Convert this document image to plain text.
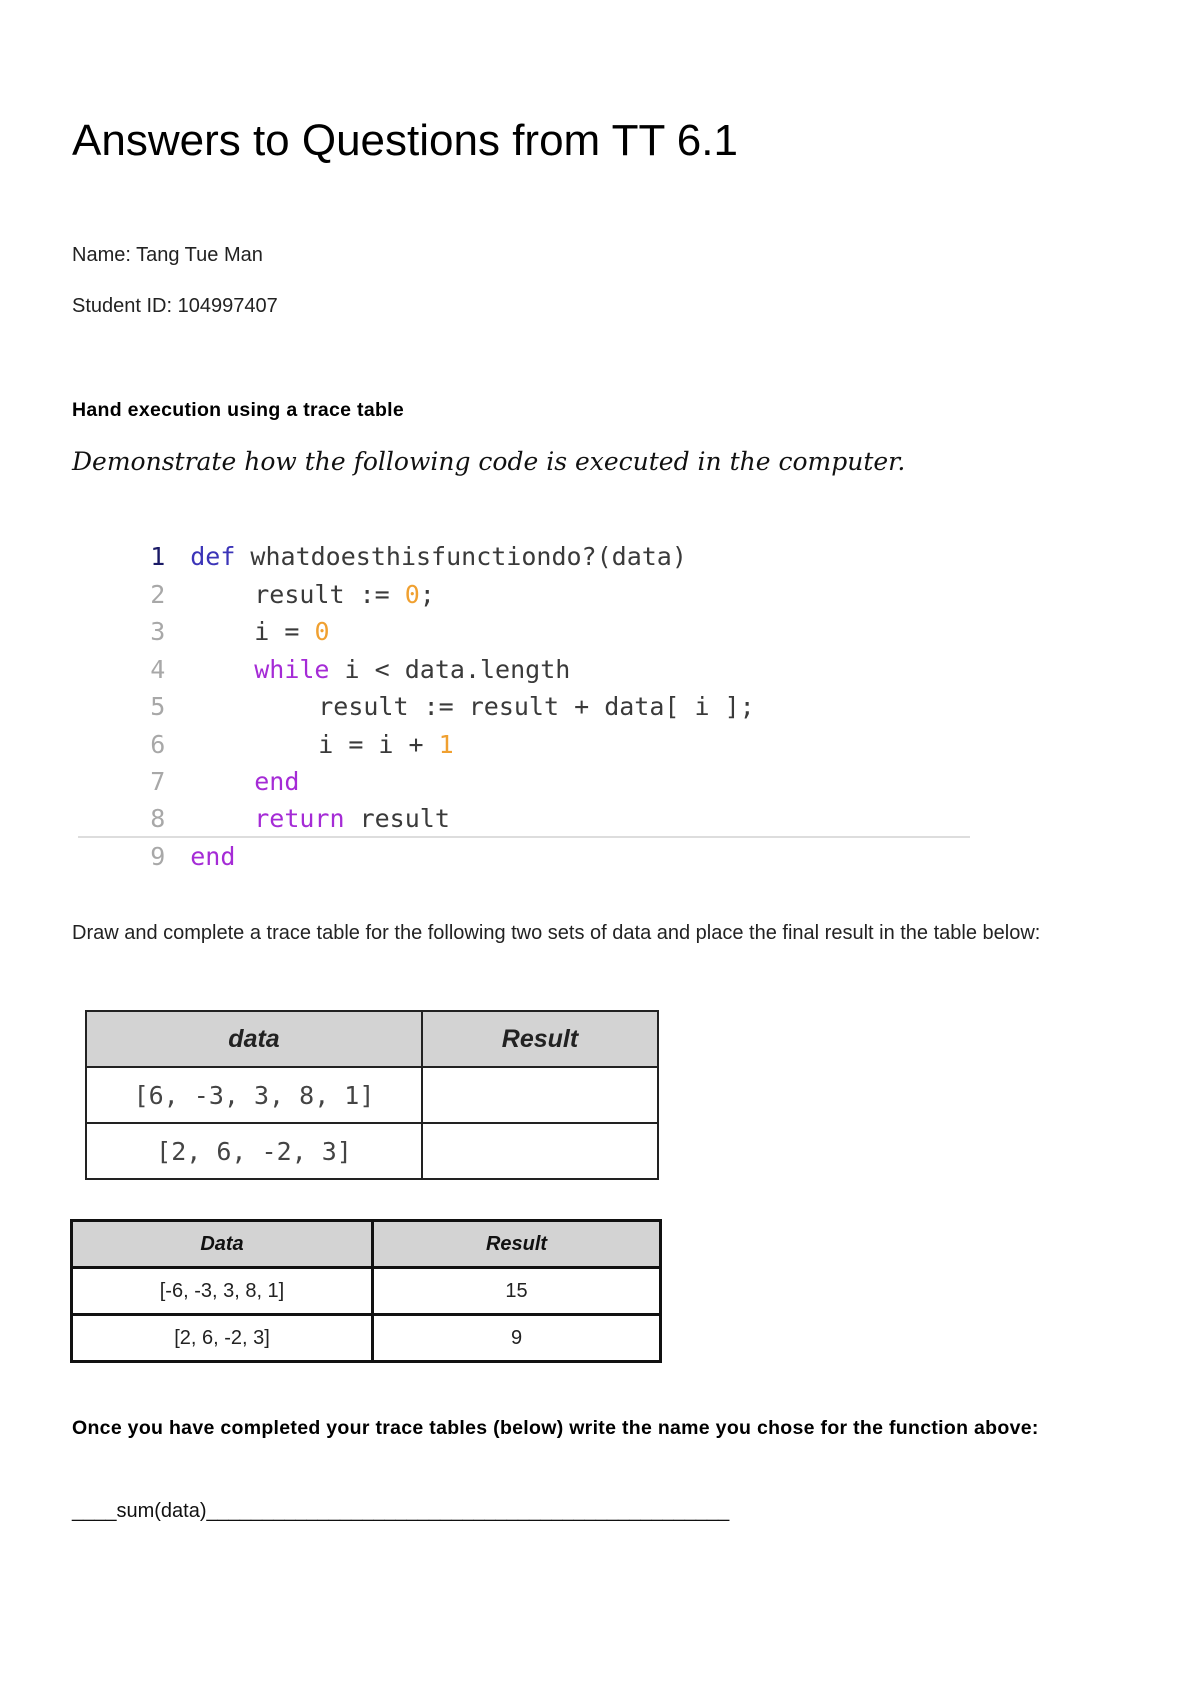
Answers to Questions from TT 6.1
Name: Tang Tue Man
Student ID: 104997407
Hand execution using a trace table
Demonstrate how the following code is executed in the computer.

1 def whatdoesthisfunctiondo?(data)

2	result := 0;

3	i = 0

4	while i < data.length

5	result := result + data[ i ];

6	i = i + 1

7	end

8	return result

9 end

Draw and complete a trace table for the following two sets of data and place the final result in the table below:
data	Result
[6, -3, 3, 8, 1]	
[2, 6, -2, 3]	
Data	Result
[-6, -3, 3, 8, 1]	15
[2, 6, -2, 3]	9
Once you have completed your trace tables (below) write the name you chose for the function above:
____sum(data)_______________________________________________
